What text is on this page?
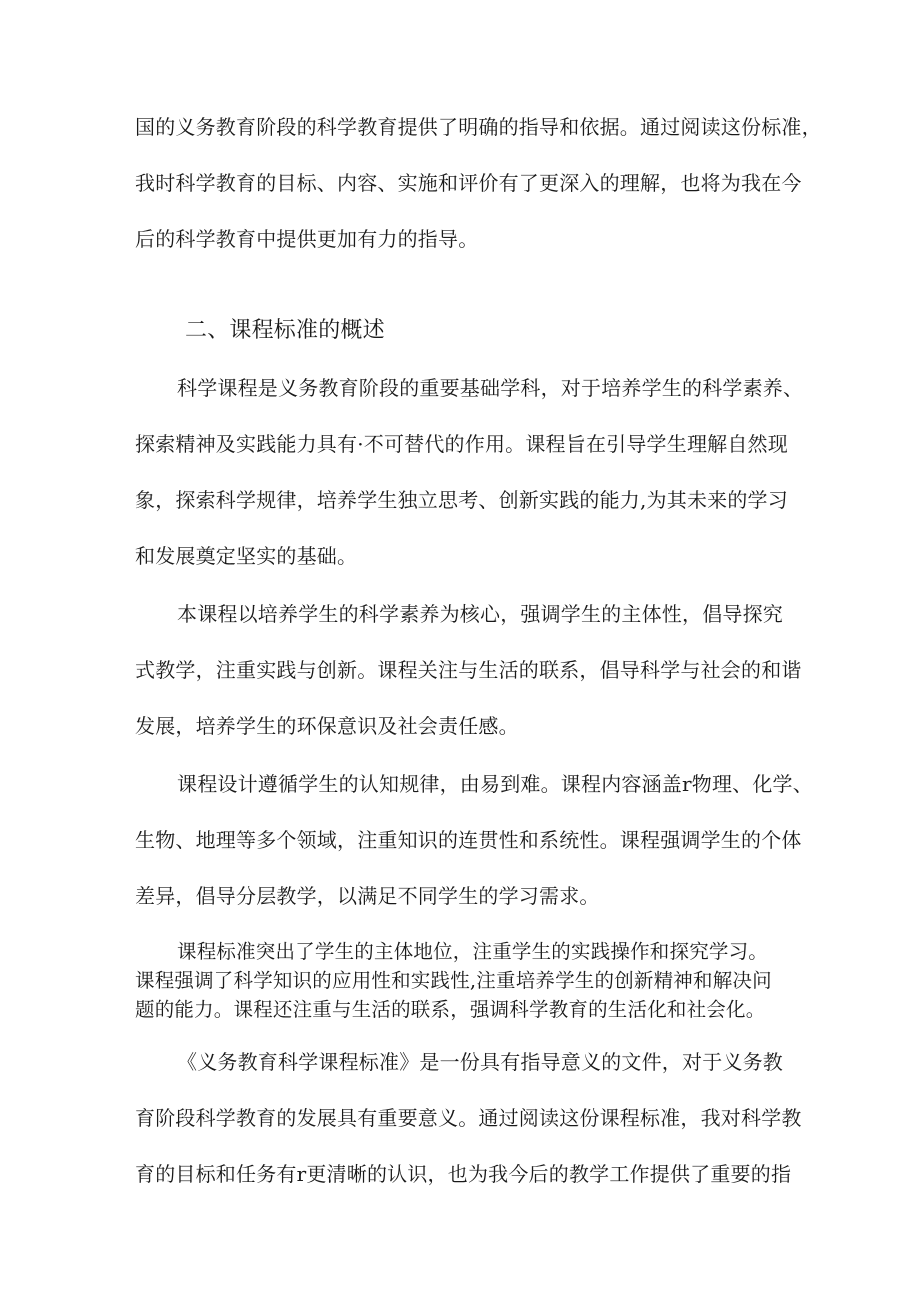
国的义务教育阶段的科学教育提供了明确的指导和依据。通过阅读这份标准，
我时科学教育的目标、内容、实施和评价有了更深入的理解，也将为我在今
后的科学教育中提供更加有力的指导。
二、课程标准的概述
科学课程是义务教育阶段的重要基础学科，对于培养学生的科学素养、
探索精神及实践能力具有·不可替代的作用。课程旨在引导学生理解自然现
象，探索科学规律，培养学生独立思考、创新实践的能力,为其未来的学习
和发展奠定坚实的基础。
本课程以培养学生的科学素养为核心，强调学生的主体性，倡导探究
式教学，注重实践与创新。课程关注与生活的联系，倡导科学与社会的和谐
发展，培养学生的环保意识及社会责任感。
课程设计遵循学生的认知规律，由易到难。课程内容涵盖r物理、化学、
生物、地理等多个领域，注重知识的连贯性和系统性。课程强调学生的个体
差异，倡导分层教学，以满足不同学生的学习需求。
课程标准突出了学生的主体地位，注重学生的实践操作和探究学习。
课程强调了科学知识的应用性和实践性,注重培养学生的创新精神和解决问
题的能力。课程还注重与生活的联系，强调科学教育的生活化和社会化。
《义务教育科学课程标准》是一份具有指导意义的文件，对于义务教
育阶段科学教育的发展具有重要意义。通过阅读这份课程标准，我对科学教
育的目标和任务有r更清晰的认识，也为我今后的教学工作提供了重要的指
